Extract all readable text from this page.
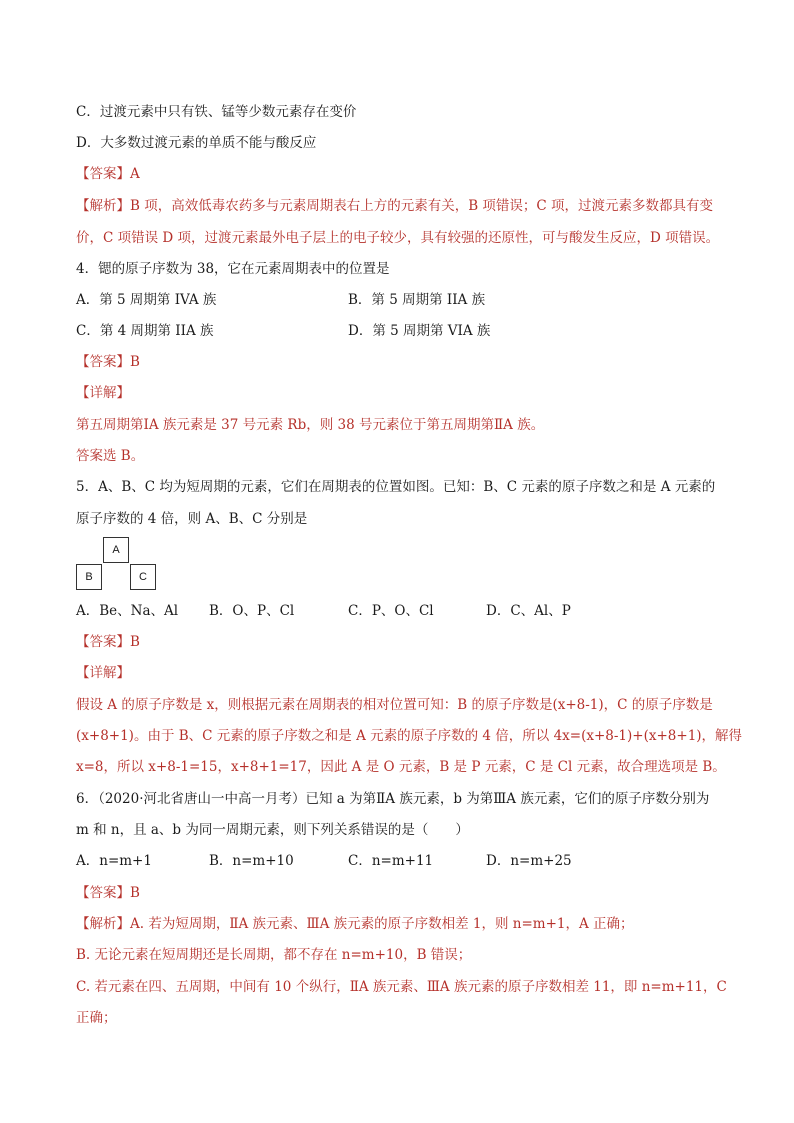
C．过渡元素中只有铁、锰等少数元素存在变价
D．大多数过渡元素的单质不能与酸反应
【答案】A
【解析】B 项，高效低毒农药多与元素周期表右上方的元素有关，B 项错误；C 项，过渡元素多数都具有变
价，C 项错误 D 项，过渡元素最外电子层上的电子较少，具有较强的还原性，可与酸发生反应，D 项错误。
4．锶的原子序数为 38，它在元素周期表中的位置是
A．第 5 周期第 IVA 族	B．第 5 周期第 IIA 族
C．第 4 周期第 IIA 族	D．第 5 周期第 VIA 族
【答案】B
【详解】
第五周期第ⅠA 族元素是 37 号元素 Rb，则 38 号元素位于第五周期第ⅡA 族。
答案选 B。
5．A、B、C 均为短周期的元素，它们在周期表的位置如图。已知：B、C 元素的原子序数之和是 A 元素的
原子序数的 4 倍，则 A、B、C 分别是
A
B	C
A．Be、Na、Al B．O、P、Cl	C．P、O、Cl	D．C、Al、P
【答案】B
【详解】
假设 A 的原子序数是 x，则根据元素在周期表的相对位置可知：B 的原子序数是(x+8-1)，C 的原子序数是
(x+8+1)。由于 B、C 元素的原子序数之和是 A 元素的原子序数的 4 倍，所以 4x=(x+8-1)+(x+8+1)，解得
x=8，所以 x+8-1=15，x+8+1=17，因此 A 是 O 元素，B 是 P 元素，C 是 Cl 元素，故合理选项是 B。
6．（2020·河北省唐山一中高一月考）已知 a 为第ⅡA 族元素，b 为第ⅢA 族元素，它们的原子序数分别为
m 和 n，且 a、b 为同一周期元素，则下列关系错误的是（　　）
A．n=m+1	B．n=m+10	C．n=m+11	D．n=m+25
【答案】B
【解析】A. 若为短周期，ⅡA 族元素、ⅢA 族元素的原子序数相差 1，则 n=m+1，A 正确；
B. 无论元素在短周期还是长周期，都不存在 n=m+10，B 错误；
C. 若元素在四、五周期，中间有 10 个纵行，ⅡA 族元素、ⅢA 族元素的原子序数相差 11，即 n=m+11，C
正确；
